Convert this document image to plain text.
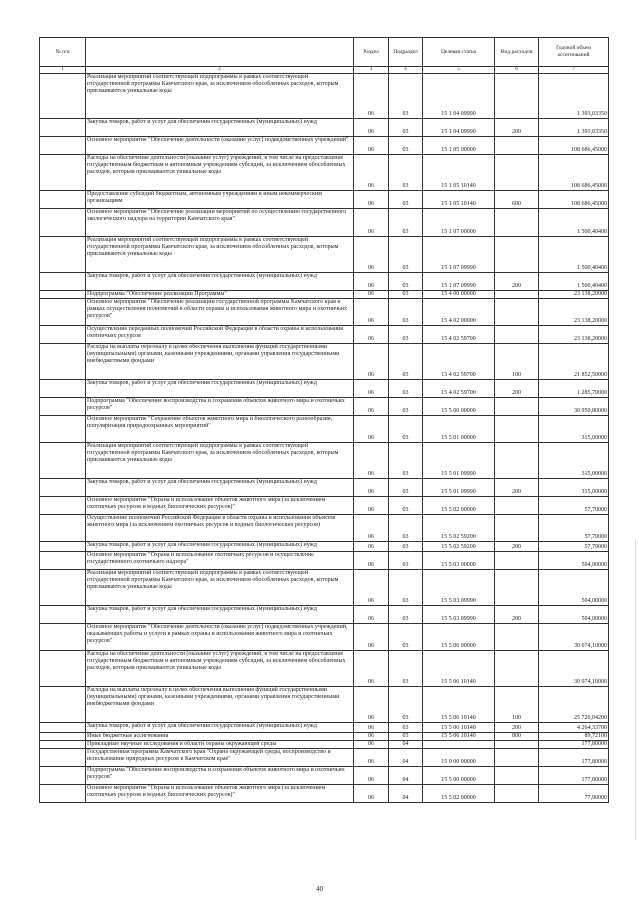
№ п/п		Раздел	Подраздел	Целевая статья	Вид расходов	Годовой объем ассигнований
1	2	3	4	5	6	7
	Реализация мероприятий соответствующей подпрограммы в рамках соответствующей государственной программы Камчатского края, за исключением обособленных расходов, которым присваиваются уникальные коды	06	03	15 1 04 09990		1 393,03350
	Закупка товаров, работ и услуг для обеспечения государственных (муниципальных) нужд	06	03	15 1 04 09990	200	1 393,03350
	Основное мероприятие "Обеспечение деятельности (оказание услуг) подведомственных учреждений"	06	03	15 1 05 00000		108 686,45000
	Расходы на обеспечение деятельности (оказание услуг) учреждений, в том числе на предоставление государственным бюджетным и автономным учреждениям субсидий, за исключением обособленных расходов, которым присваиваются уникальные коды	06	03	15 1 05 10140		108 686,45000
	Предоставление субсидий бюджетным, автономным учреждениям и иным некоммерческим организациям	06	03	15 1 05 10140	600	108 686,45000
	Основное мероприятие "Обеспечение реализации мероприятий по осуществлению государственного экологического надзора на территории Камчатского края"	06	03	15 1 07 00000		1 500,40400
	Реализация мероприятий соответствующей подпрограммы в рамках соответствующей государственной программы Камчатского края, за исключением обособленных расходов, которым присваиваются уникальные коды	06	03	15 1 07 09990		1 500,40400
	Закупка товаров, работ и услуг для обеспечения государственных (муниципальных) нужд	06	03	15 1 07 09990	200	1 500,40400
	Подпрограмма "Обеспечение реализации Программы"	06	03	15 4 00 00000		23 138,20000
	Основное мероприятие "Обеспечение реализации государственной программы Камчатского края в рамках осуществления полномочий в области охраны и использования животного мира и охотничьих ресурсов"	06	03	15 4 02 00000		23 138,20000
	Осуществление переданных полномочий Российской Федерации в области охраны и использования охотничьих ресурсов	06	03	15 4 02 59700		23 138,20000
	Расходы на выплаты персоналу в целях обеспечения выполнения функций государственными (муниципальными) органами, казенными учреждениями, органами управления государственными внебюджетными фондами	06	03	15 4 02 59700	100	21 852,50000
	Закупка товаров, работ и услуг для обеспечения государственных (муниципальных) нужд	06	03	15 4 02 59700	200	1 285,70000
	Подпрограмма "Обеспечение воспроизводства и сохранения объектов животного мира и охотничьих ресурсов"	06	03	15 5 00 00000		30 950,80000
	Основное мероприятие "Сохранение объектов животного мира и биологического разнообразия, популяризация природоохранных мероприятий"	06	03	15 5 01 00000		315,00000
	Реализация мероприятий соответствующей подпрограммы в рамках соответствующей государственной программы Камчатского края, за исключением обособленных расходов, которым присваиваются уникальные коды	06	03	15 5 01 09990		315,00000
	Закупка товаров, работ и услуг для обеспечения государственных (муниципальных) нужд	06	03	15 5 01 09990	200	315,00000
	Основное мероприятие "Охрана и использование объектов животного мира (за исключением охотничьих ресурсов и водных биологических ресурсов)"	06	03	15 5 02 00000		57,70000
	Осуществление полномочий Российской Федерации в области охраны и использования объектов животного мира (за исключением охотничьих ресурсов и водных биологических ресурсов)	06	03	15 5 02 59200		57,70000
	Закупка товаров, работ и услуг для обеспечения государственных (муниципальных) нужд	06	03	15 5 02 59200	200	57,70000
	Основное мероприятие "Охрана и использование охотничьих ресурсов и осуществление государственного охотничьего надзора"	06	03	15 5 03 00000		504,00000
	Реализация мероприятий соответствующей подпрограммы в рамках соответствующей государственной программы Камчатского края, за исключением обособленных расходов, которым присваиваются уникальные коды	06	03	15 5 03 09990		504,00000
	Закупка товаров, работ и услуг для обеспечения государственных (муниципальных) нужд	06	03	15 5 03 09990	200	504,00000
	Основное мероприятие "Обеспечение деятельности (оказание услуг) подведомственных учреждений, оказывающих работы и услуги в рамках охраны и использования животного мира и охотничьих ресурсов"	06	03	15 5 06 00000		30 074,10000
	Расходы на обеспечение деятельности (оказание услуг) учреждений, в том числе на предоставление государственным бюджетным и автономным учреждениям субсидий, за исключением обособленных расходов, которым присваиваются уникальные коды	06	03	15 5 06 10140		30 074,10000
	Расходы на выплаты персоналу в целях обеспечения выполнения функций государственными (муниципальными) органами, казенными учреждениями, органами управления государственными внебюджетными фондами	06	03	15 5 06 10140	100	25 720,04200
	Закупка товаров, работ и услуг для обеспечения государственных (муниципальных) нужд	06	03	15 5 06 10140	200	4 264,33700
	Иные бюджетные ассигнования	06	03	15 5 06 10140	800	89,72100
	Прикладные научные исследования в области охраны окружающей среды	06	04			177,80000
	Государственная программа Камчатского края "Охрана окружающей среды, воспроизводство и использование природных ресурсов в Камчатском крае"	06	04	15 0 00 00000		177,80000
	Подпрограмма "Обеспечение воспроизводства и сохранения объектов животного мира и охотничьих ресурсов"	06	04	15 5 00 00000		177,80000
	Основное мероприятие "Охрана и использование объектов животного мира (за исключением охотничьих ресурсов и водных биологических ресурсов)"	06	04	15 5 02 00000		77,90000
40
